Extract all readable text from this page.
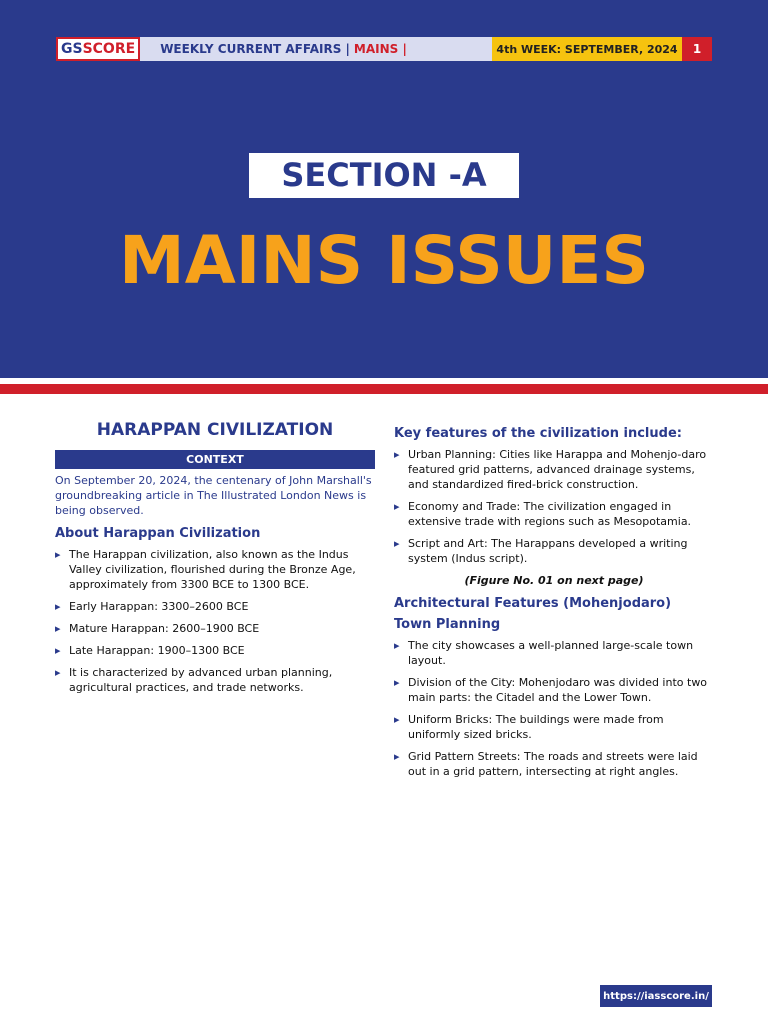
GS SCORE WEEKLY CURRENT AFFAIRS | MAINS |	4th WEEK: SEPTEMBER, 2024	1
SECTION -A
MAINS ISSUES
HARAPPAN CIVILIZATION
CONTEXT
On September 20, 2024, the centenary of John Marshall's groundbreaking article in The Illustrated London News is being observed.
About Harappan Civilization
▸ The Harappan civilization, also known as the Indus Valley civilization, flourished during the Bronze Age, approximately from 3300 BCE to 1300 BCE.
▸ Early Harappan: 3300–2600 BCE
▸ Mature Harappan: 2600–1900 BCE
▸ Late Harappan: 1900–1300 BCE
▸ It is characterized by advanced urban planning, agricultural practices, and trade networks.
Key features of the civilization include:
▸ Urban Planning: Cities like Harappa and Mohenjo-daro featured grid patterns, advanced drainage systems, and standardized fired-brick construction.
▸ Economy and Trade: The civilization engaged in extensive trade with regions such as Mesopotamia.
▸ Script and Art: The Harappans developed a writing system (Indus script).
(Figure No. 01 on next page)
Architectural Features (Mohenjodaro)
Town Planning
▸ The city showcases a well-planned large-scale town layout.
▸ Division of the City: Mohenjodaro was divided into two main parts: the Citadel and the Lower Town.
▸ Uniform Bricks: The buildings were made from uniformly sized bricks.
▸ Grid Pattern Streets: The roads and streets were laid out in a grid pattern, intersecting at right angles.
https://iasscore.in/
